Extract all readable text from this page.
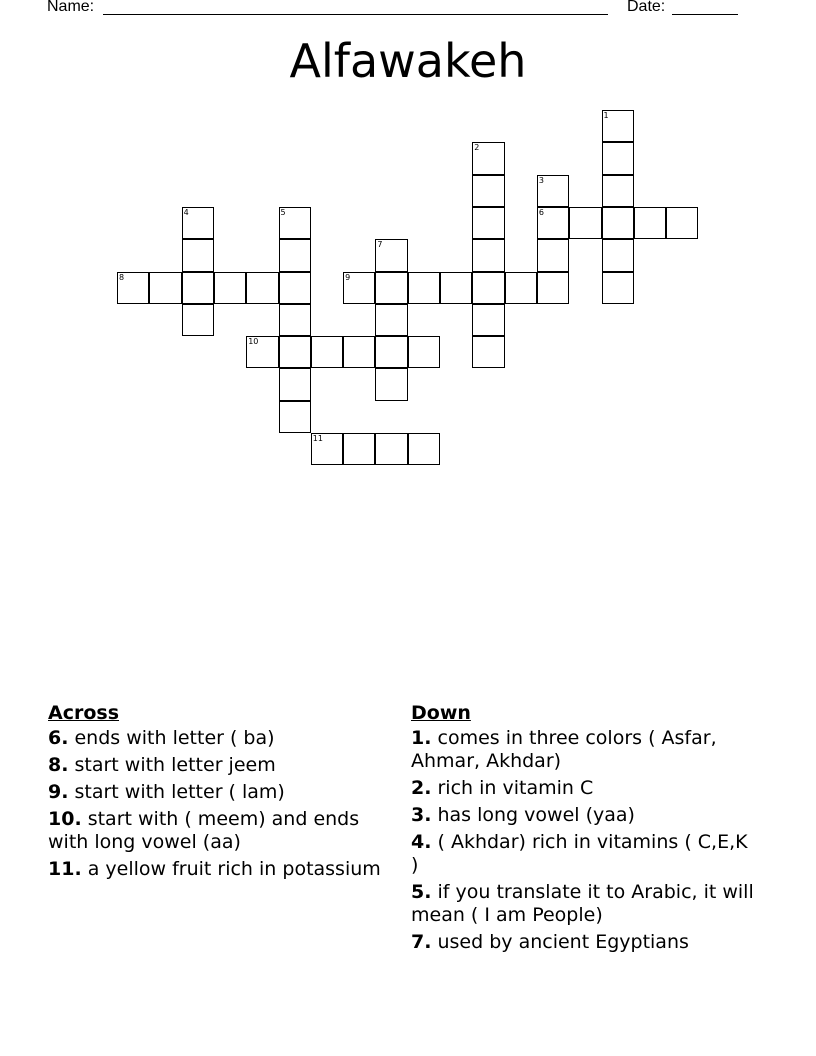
Name:	Date:
Alfawakeh
1
2
3
6
4	5
7
8	9
10
11
Across
6. ends with letter ( ba)
8. start with letter jeem
9. start with letter ( lam)
10. start with ( meem) and ends with long vowel (aa)
11. a yellow fruit rich in potassium
Down
1. comes in three colors ( Asfar, Ahmar, Akhdar)
2. rich in vitamin C
3. has long vowel (yaa)
4. ( Akhdar) rich in vitamins ( C,E,K )
5. if you translate it to Arabic, it will mean ( I am People)
7. used by ancient Egyptians
